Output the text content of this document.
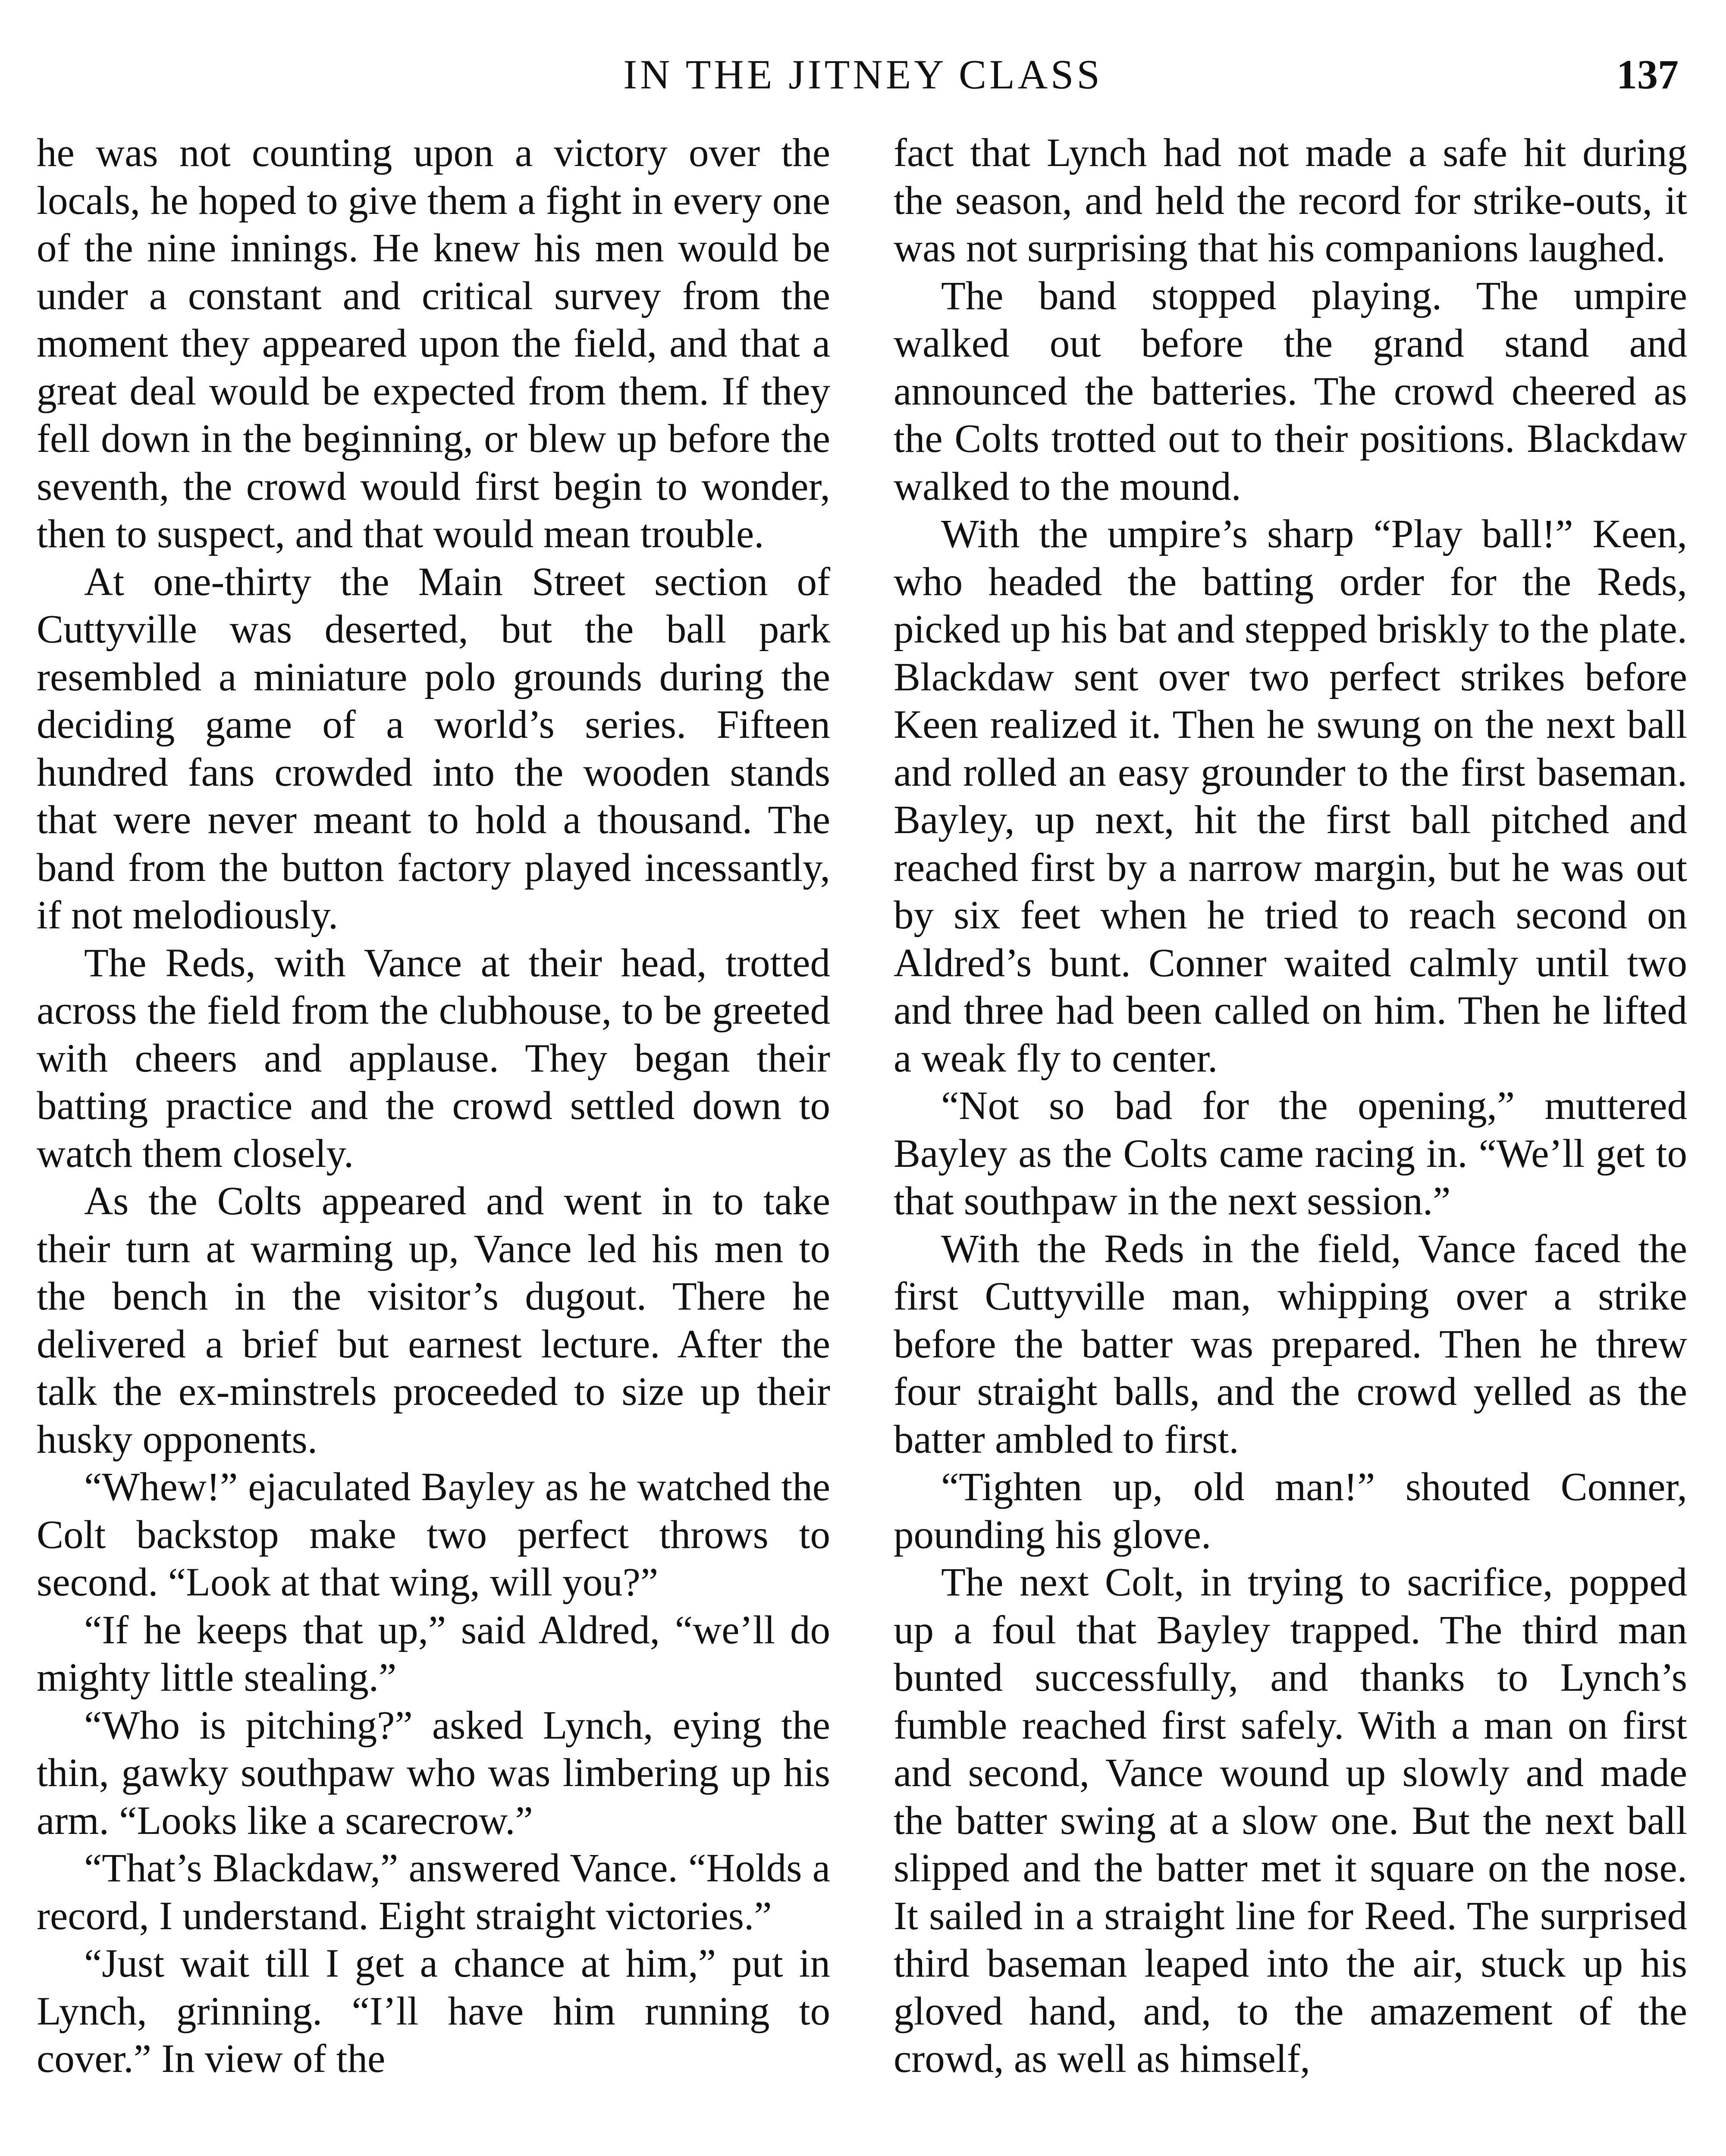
IN THE JITNEY CLASS	137

he was not counting upon a victory over the locals, he hoped to give them a fight in every one of the nine innings. He knew his men would be under a constant and critical survey from the moment they appeared upon the field, and that a great deal would be expected from them. If they fell down in the beginning, or blew up before the seventh, the crowd would first begin to wonder, then to suspect, and that would mean trouble.

At one-thirty the Main Street section of Cuttyville was deserted, but the ball park resembled a miniature polo grounds during the deciding game of a world’s series. Fifteen hundred fans crowded into the wooden stands that were never meant to hold a thousand. The band from the button factory played incessantly, if not melodiously.

The Reds, with Vance at their head, trotted across the field from the clubhouse, to be greeted with cheers and applause. They began their batting practice and the crowd settled down to watch them closely.

As the Colts appeared and went in to take their turn at warming up, Vance led his men to the bench in the visitor’s dugout. There he delivered a brief but earnest lecture. After the talk the ex-minstrels proceeded to size up their husky opponents.

“Whew!” ejaculated Bayley as he watched the Colt backstop make two perfect throws to second. “Look at that wing, will you?”

“If he keeps that up,” said Aldred, “we’ll do mighty little stealing.”

“Who is pitching?” asked Lynch, eying the thin, gawky southpaw who was limbering up his arm. “Looks like a scarecrow.”

“That’s Blackdaw,” answered Vance. “Holds a record, I understand. Eight straight victories.”

“Just wait till I get a chance at him,” put in Lynch, grinning. “I’ll have him running to cover.” In view of the

fact that Lynch had not made a safe hit during the season, and held the record for strike-outs, it was not surprising that his companions laughed.

The band stopped playing. The umpire walked out before the grand stand and announced the batteries. The crowd cheered as the Colts trotted out to their positions. Blackdaw walked to the mound.

With the umpire’s sharp “Play ball!” Keen, who headed the batting order for the Reds, picked up his bat and stepped briskly to the plate. Blackdaw sent over two perfect strikes before Keen realized it. Then he swung on the next ball and rolled an easy grounder to the first baseman. Bayley, up next, hit the first ball pitched and reached first by a narrow margin, but he was out by six feet when he tried to reach second on Aldred’s bunt. Conner waited calmly until two and three had been called on him. Then he lifted a weak fly to center.

“Not so bad for the opening,” muttered Bayley as the Colts came racing in. “We’ll get to that southpaw in the next session.”

With the Reds in the field, Vance faced the first Cuttyville man, whipping over a strike before the batter was prepared. Then he threw four straight balls, and the crowd yelled as the batter ambled to first.

“Tighten up, old man!” shouted Conner, pounding his glove.

The next Colt, in trying to sacrifice, popped up a foul that Bayley trapped. The third man bunted successfully, and thanks to Lynch’s fumble reached first safely. With a man on first and second, Vance wound up slowly and made the batter swing at a slow one. But the next ball slipped and the batter met it square on the nose. It sailed in a straight line for Reed. The surprised third baseman leaped into the air, stuck up his gloved hand, and, to the amazement of the crowd, as well as himself,
